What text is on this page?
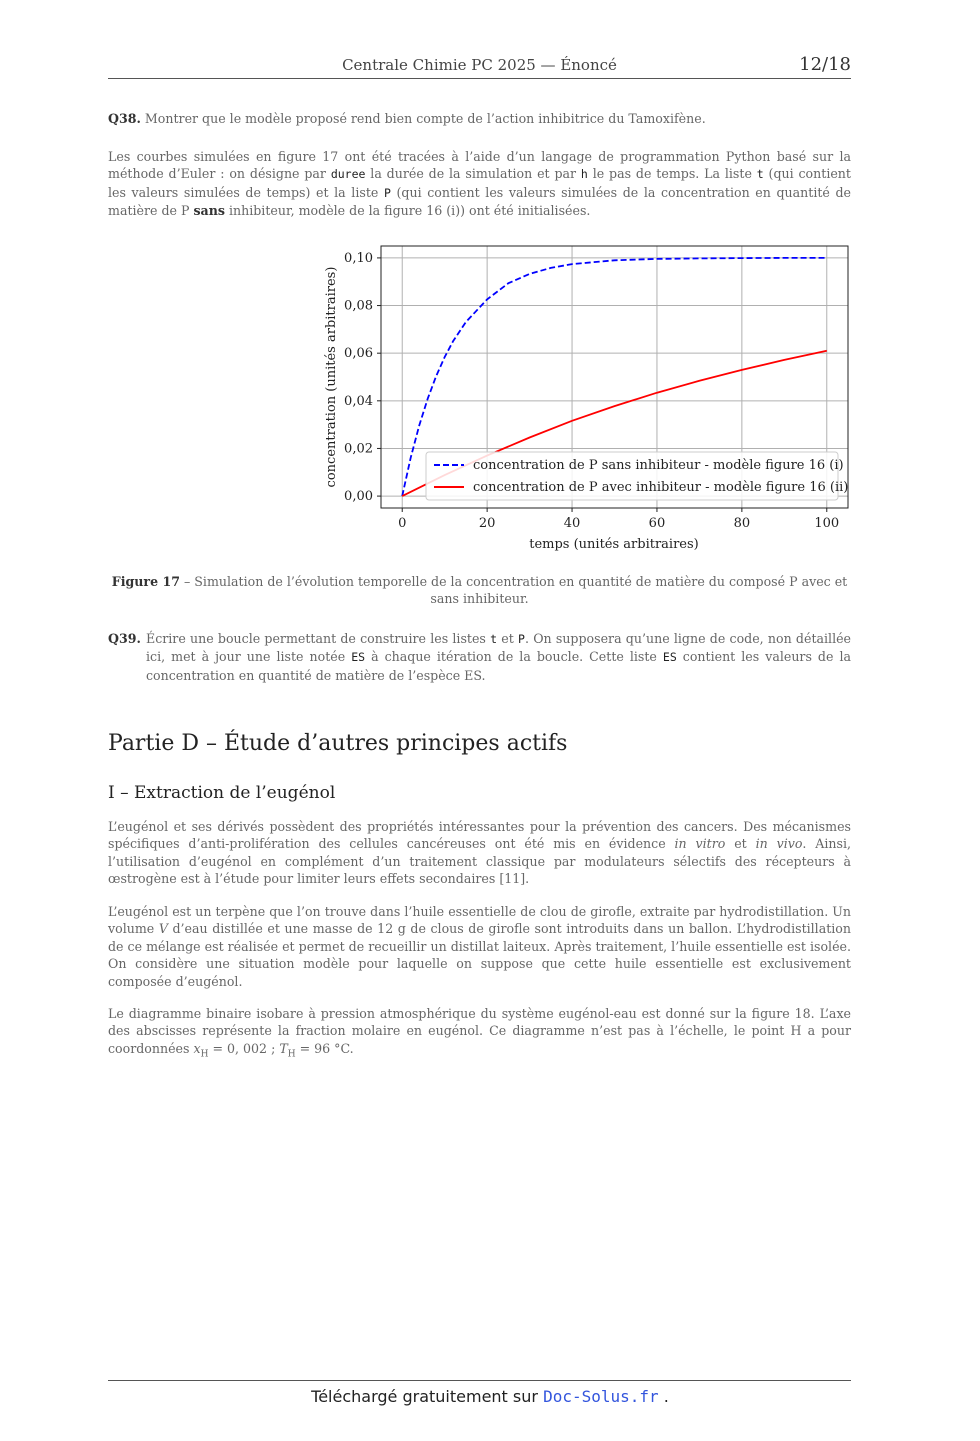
Centrale Chimie PC 2025 — Énoncé	12/18
Q38. Montrer que le modèle proposé rend bien compte de l’action inhibitrice du Tamoxifène.
Les courbes simulées en figure 17 ont été tracées à l’aide d’un langage de programmation Python basé sur la méthode d’Euler : on désigne par duree la durée de la simulation et par h le pas de temps. La liste t (qui contient les valeurs simulées de temps) et la liste P (qui contient les valeurs simulées de la concentration en quantité de matière de P sans inhibiteur, modèle de la figure 16 (i)) ont été initialisées.
0	20	40	60	80	100
0,00
0,02
0,04
0,06
0,08
0,10
temps (unités arbitraires)
concentration (unités arbitraires)	concentration de P sans inhibiteur - modèle figure 16 (i)
concentration de P avec inhibiteur - modèle figure 16 (ii)
Figure 17 – Simulation de l’évolution temporelle de la concentration en quantité de matière du composé P avec et sans inhibiteur.
Q39. Écrire une boucle permettant de construire les listes t et P. On supposera qu’une ligne de code, non détaillée ici, met à jour une liste notée ES à chaque itération de la boucle. Cette liste ES contient les valeurs de la concentration en quantité de matière de l’espèce ES.
Partie D – Étude d’autres principes actifs
I – Extraction de l’eugénol
L’eugénol et ses dérivés possèdent des propriétés intéressantes pour la prévention des cancers. Des mécanismes spécifiques d’anti-prolifération des cellules cancéreuses ont été mis en évidence in vitro et in vivo. Ainsi, l’utilisation d’eugénol en complément d’un traitement classique par modulateurs sélectifs des récepteurs à œstrogène est à l’étude pour limiter leurs effets secondaires [11].
L’eugénol est un terpène que l’on trouve dans l’huile essentielle de clou de girofle, extraite par hydrodistillation. Un volume V d’eau distillée et une masse de 12 g de clous de girofle sont introduits dans un ballon. L’hydrodistillation de ce mélange est réalisée et permet de recueillir un distillat laiteux. Après traitement, l’huile essentielle est isolée. On considère une situation modèle pour laquelle on suppose que cette huile essentielle est exclusivement composée d’eugénol.
Le diagramme binaire isobare à pression atmosphérique du système eugénol-eau est donné sur la figure 18. L’axe des abscisses représente la fraction molaire en eugénol. Ce diagramme n’est pas à l’échelle, le point H a pour coordonnées $x_H = 0$, 002 ; $T_H = 96$ °C.
Téléchargé gratuitement sur Doc-Solus.fr .
